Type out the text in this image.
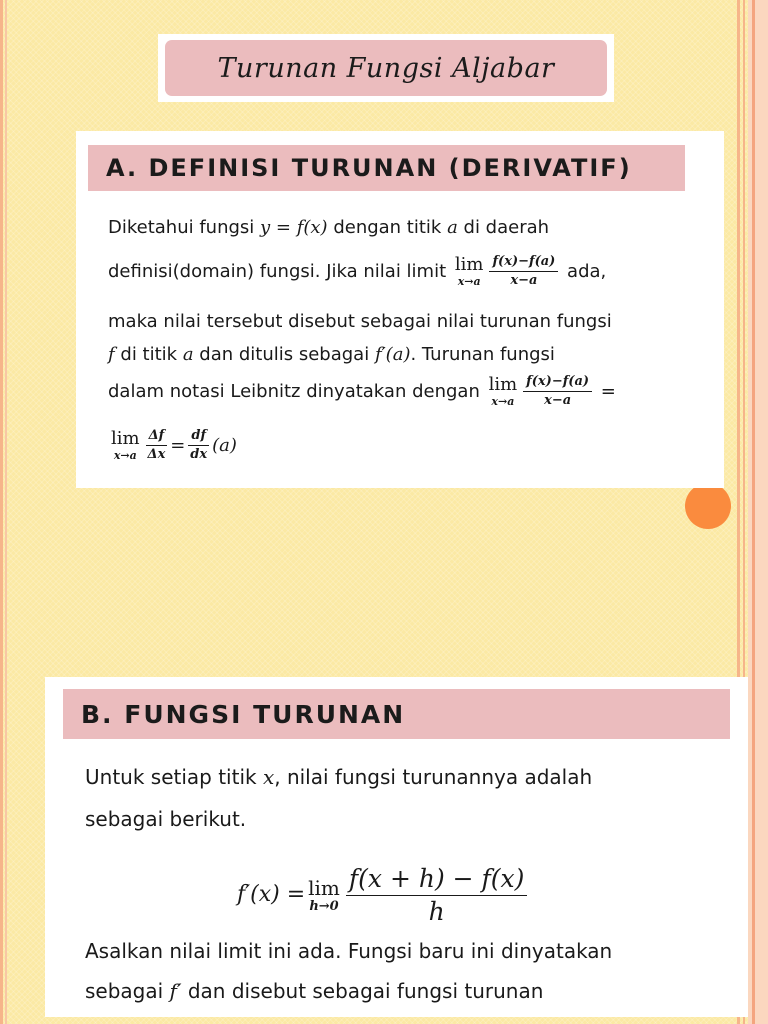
Turunan Fungsi Aljabar
A. DEFINISI TURUNAN (DERIVATIF)
Diketahui fungsi y = f(x) dengan titik a di daerah
definisi(domain) fungsi. Jika nilai limit lim
$x\to a \frac{f(x)-f(a)}{x-a}$ ada,
maka nilai tersebut disebut sebagai nilai turunan fungsi
f di titik a dan ditulis sebagai f′(a). Turunan fungsi
dalam notasi Leibnitz dinyatakan dengan lim
$x\to a \frac{f(x)-f(a)}{x-a}$ =
lim
$x\to a \frac{\Delta f}{\Delta x} = \frac{df}{dx} (a)$
B. FUNGSI TURUNAN
Untuk setiap titik x, nilai fungsi turunannya adalah
sebagai berikut.
f′(x) = lim
$h\to 0 \frac{f(x + h) - f(x)}{h}$
Asalkan nilai limit ini ada. Fungsi baru ini dinyatakan
sebagai f′ dan disebut sebagai fungsi turunan
